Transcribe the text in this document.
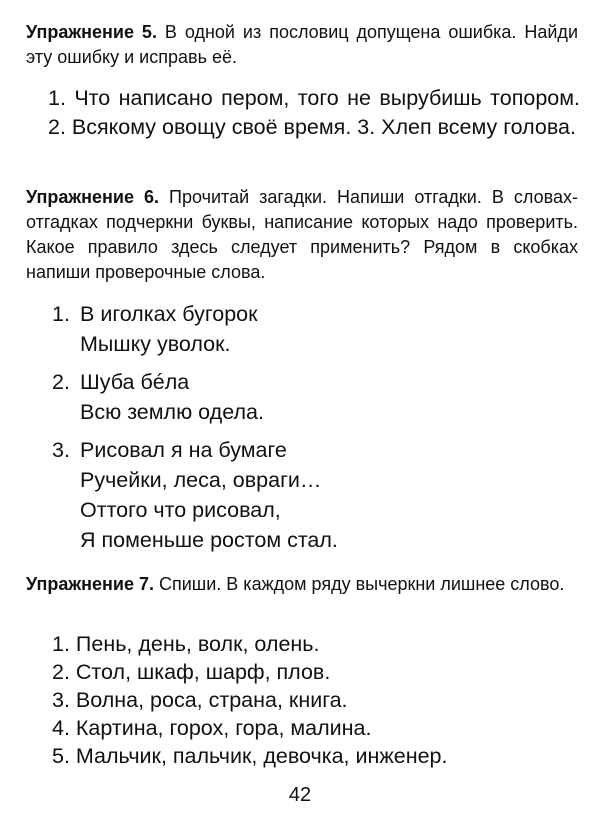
Упражнение 5. В одной из пословиц допущена ошибка. Найди эту ошибку и исправь её.
1. Что написано пером, того не вырубишь топором. 2. Всякому овощу своё время. 3. Хлеп всему голова.
Упражнение 6. Прочитай загадки. Напиши отгадки. В словах-отгадках подчеркни буквы, написание которых надо проверить. Какое правило здесь следует применить? Рядом в скобках напиши проверочные слова.
1. В иголках бугорок
Мышку уволок.
2. Шуба бéла
Всю землю одела.
3. Рисовал я на бумаге
Ручейки, леса, овраги…
Оттого что рисовал,
Я поменьше ростом стал.
Упражнение 7. Спиши. В каждом ряду вычеркни лишнее слово.
1. Пень, день, волк, олень.
2. Стол, шкаф, шарф, плов.
3. Волна, роса, страна, книга.
4. Картина, горох, гора, малина.
5. Мальчик, пальчик, девочка, инженер.
42
